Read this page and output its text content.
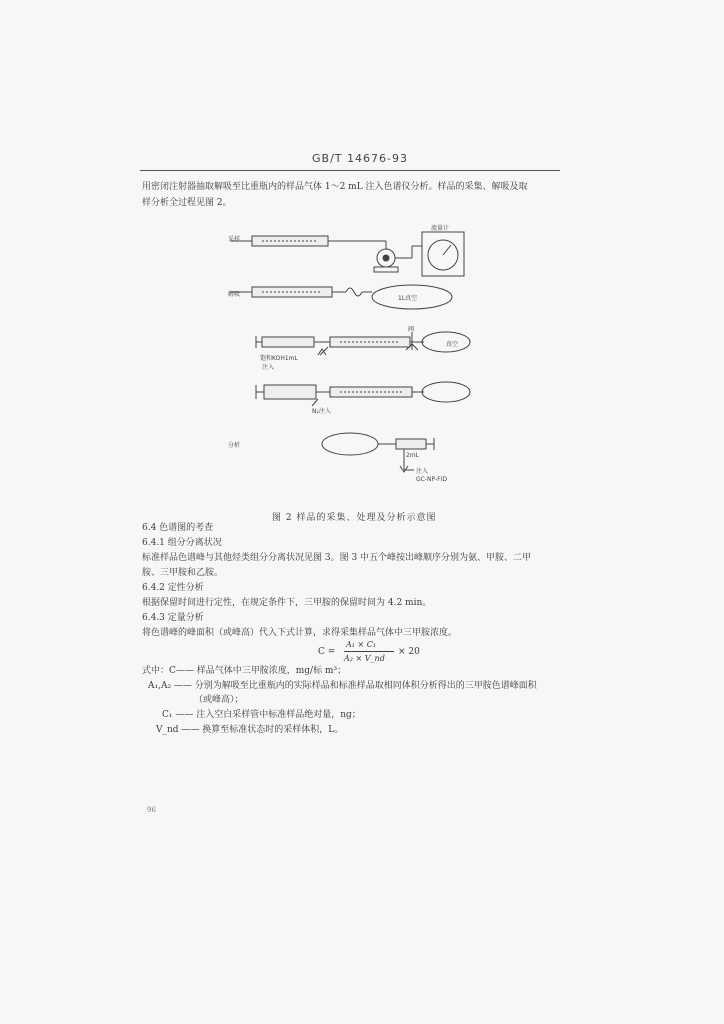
GB/T 14676-93
用密闭注射器抽取解吸至比重瓶内的样品气体 1～2 mL 注入色谱仪分析。样品的采集、解吸及取
样分析全过程见图 2。
采样
流量计
解吸
1L真空
阀
真空
饱和KOH1mL
注入
N₂注入
分析
2mL
注入
GC-NP-FID
图 2 样品的采集、处理及分析示意图
6.4 色谱图的考查
6.4.1 组分分离状况
标准样品色谱峰与其他烃类组分分离状况见图 3。图 3 中五个峰按出峰顺序分别为氨、甲胺、二甲
胺、三甲胺和乙胺。
6.4.2 定性分析
根据保留时间进行定性，在规定条件下，三甲胺的保留时间为 4.2 min。
6.4.3 定量分析
将色谱峰的峰面积（或峰高）代入下式计算，求得采集样品气体中三甲胺浓度。
C =
A₁ × C₁
A₂ × V_nd
× 20
式中：C—— 样品气体中三甲胺浓度，mg/标 m³；
A₁,A₂ —— 分别为解吸至比重瓶内的实际样品和标准样品取相同体积分析得出的三甲胺色谱峰面积
（或峰高）；
C₁ —— 注入空白采样管中标准样品绝对量，ng；
V_nd —— 换算至标准状态时的采样体积，L。
96
